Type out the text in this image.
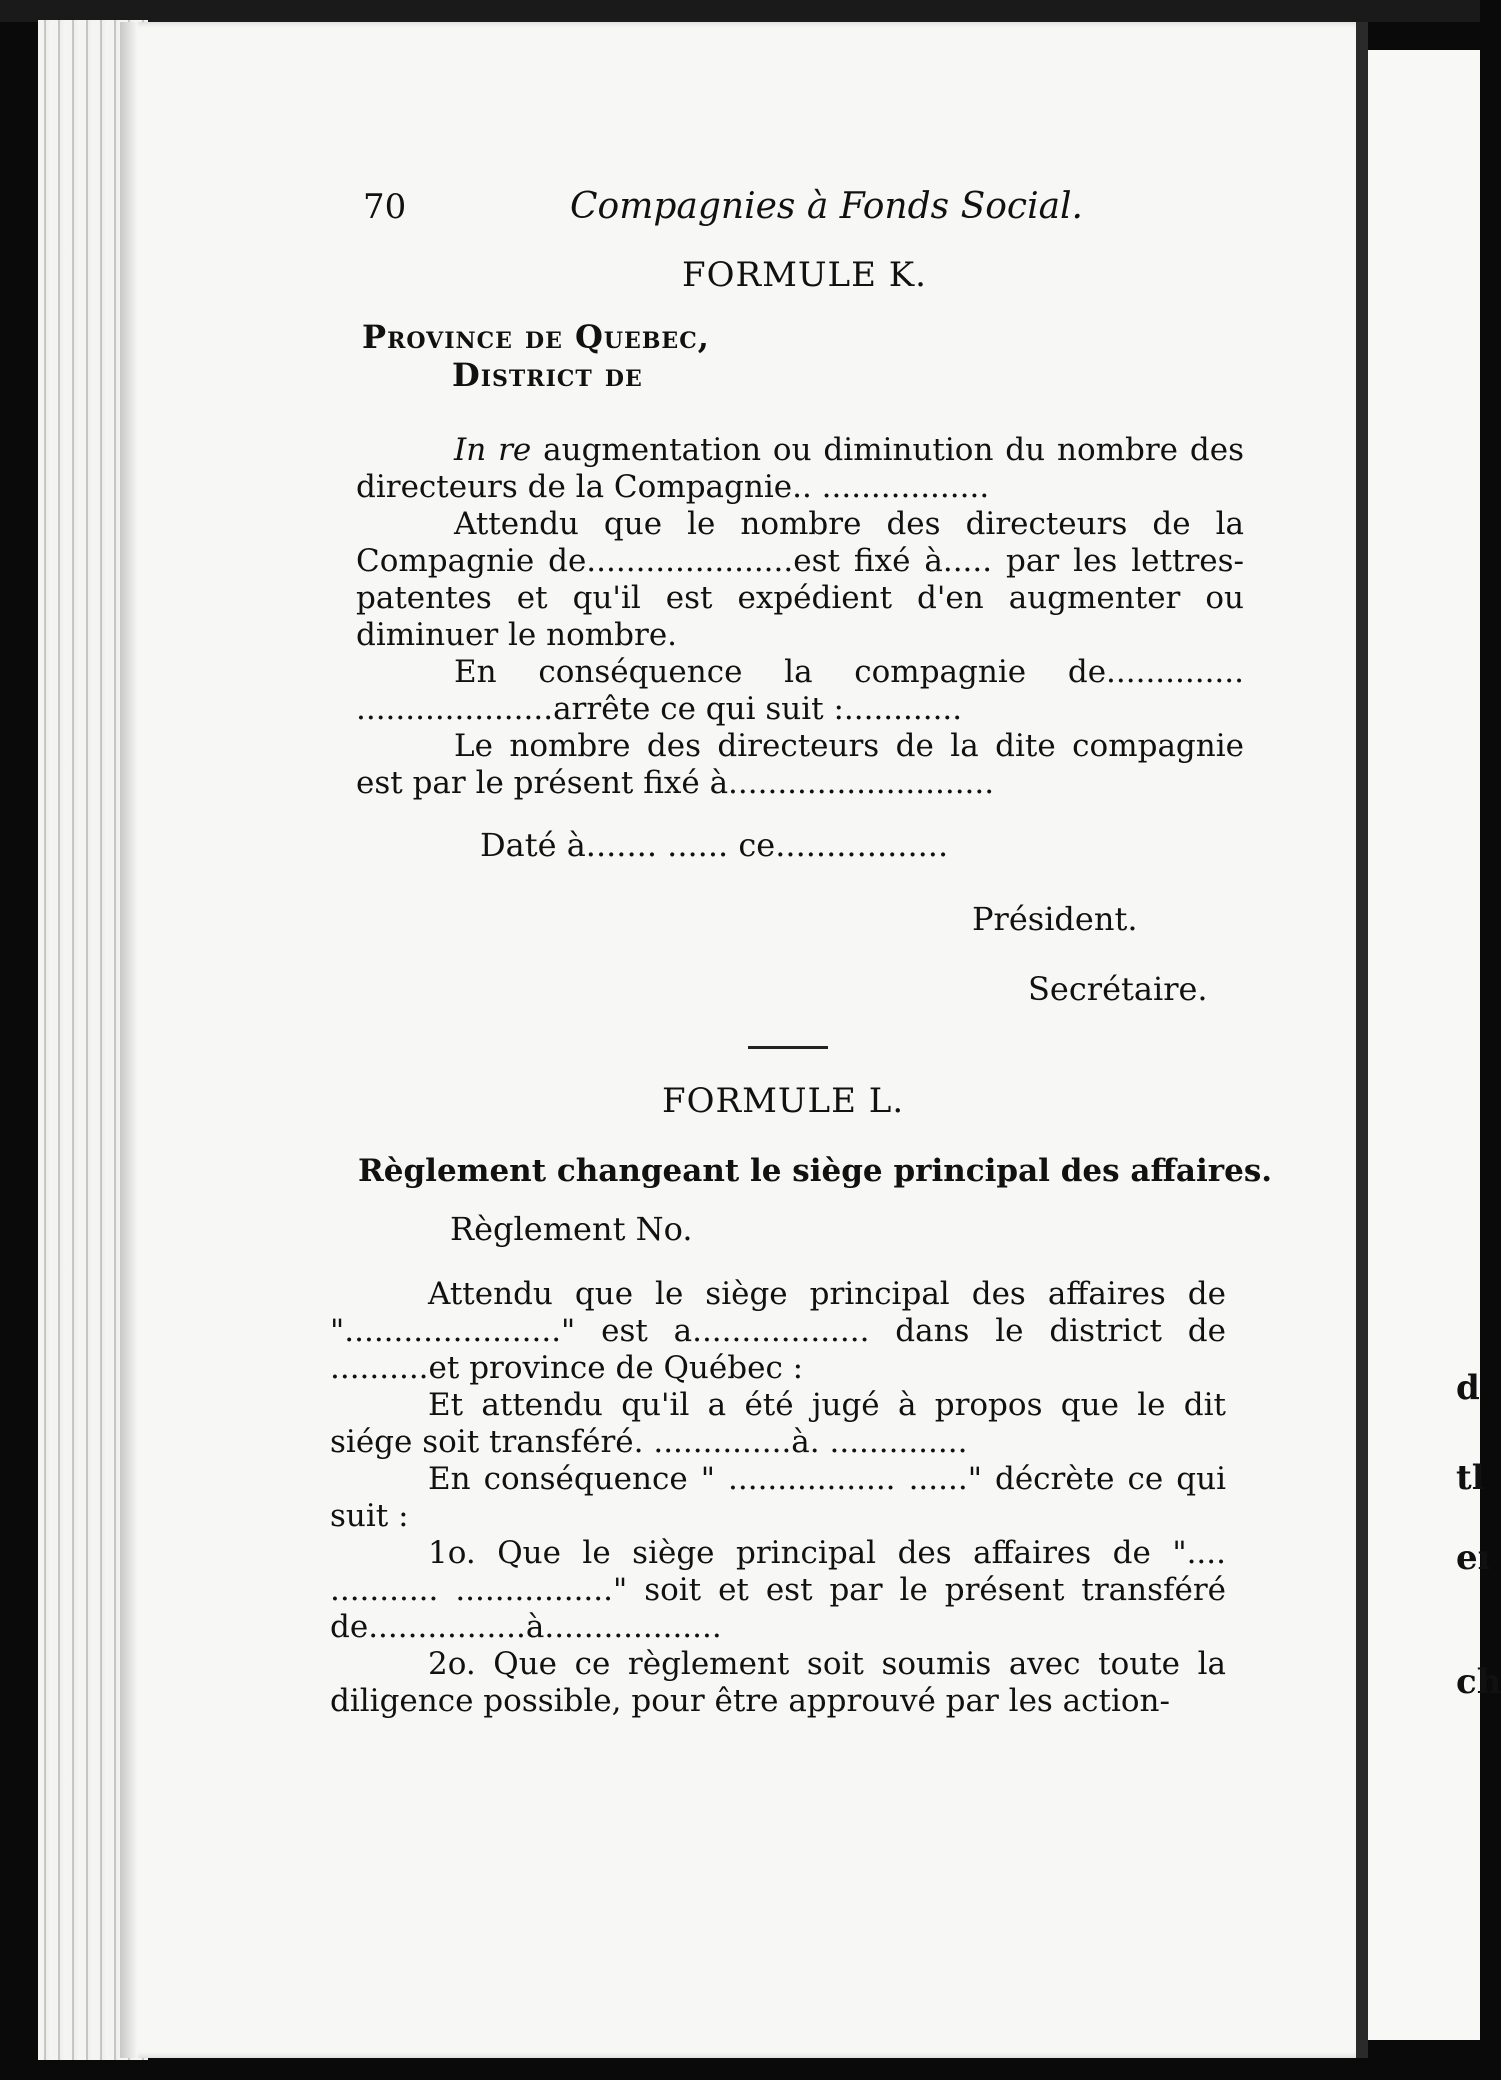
d
tl
eı
ch
70	Compagnies à Fonds Social.
FORMULE K.
Province de Quebec,
District de

In re augmentation ou diminution du nombre des directeurs de la Compagnie.. .................

Attendu que le nombre des directeurs de la Compagnie de.....................est fixé à..... par les lettres-patentes et qu'il est expédient d'en augmenter ou diminuer le nombre.

En conséquence la compagnie de.............. ....................arrête ce qui suit :............

Le nombre des directeurs de la dite compagnie est par le présent fixé à...........................

Daté à....... ...... ce.................
Président.
Secrétaire.
FORMULE L.
Règlement changeant le siège principal des affaires.
Règlement No.

Attendu que le siège principal des affaires de "......................" est a.................. dans le district de ..........et province de Québec :

Et attendu qu'il a été jugé à propos que le dit siége soit transféré. ..............à. ..............

En conséquence " ................. ......" décrète ce qui suit :

1o. Que le siège principal des affaires de ".... ........... ................" soit et est par le présent transféré de................à..................

2o. Que ce règlement soit soumis avec toute la diligence possible, pour être approuvé par les action-
